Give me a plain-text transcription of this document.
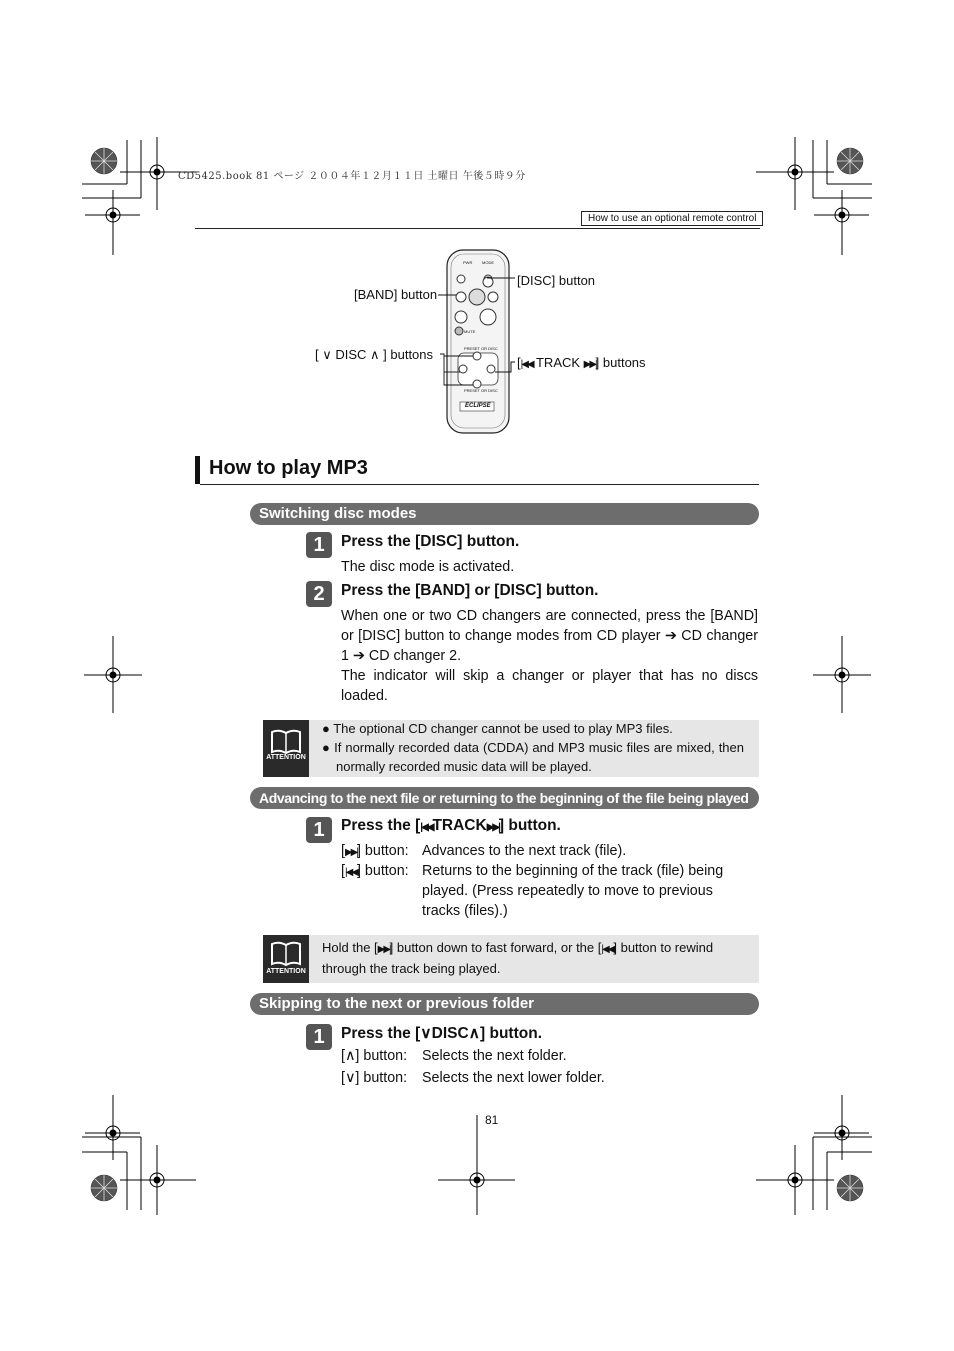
CD5425.book 81 ページ ２００４年１２月１１日 土曜日 午後５時９分
How to use an optional remote control
PWR MODE
MUTE
PRESET OR DISC
PRESET OR DISC
ECLIPSE
[BAND] button
[DISC] button
[ ∨ DISC ∧ ] buttons
[|◀◀ TRACK ▶▶|] buttons
How to play MP3
Switching disc modes
1	Press the [DISC] button.
The disc mode is activated.
2	Press the [BAND] or [DISC] button.
When one or two CD changers are connected, press the [BAND] or [DISC] button to change modes from CD player ➔ CD changer 1 ➔ CD changer 2.
The indicator will skip a changer or player that has no discs loaded.
ATTENTION
● The optional CD changer cannot be used to play MP3 files.
● If normally recorded data (CDDA) and MP3 music files are mixed, then normally recorded music data will be played.
Advancing to the next file or returning to the beginning of the file being played
1	Press the [|◀◀TRACK▶▶|] button.
[▶▶|] button: Advances to the next track (file).
[|◀◀] button: Returns to the beginning of the track (file) being played. (Press repeatedly to move to previous tracks (files).)
ATTENTION
Hold the [▶▶|] button down to fast forward, or the [|◀◀] button to rewind through the track being played.
Skipping to the next or previous folder
1	Press the [∨DISC∧] button.
[∧] button: Selects the next folder.
[∨] button: Selects the next lower folder.
81
